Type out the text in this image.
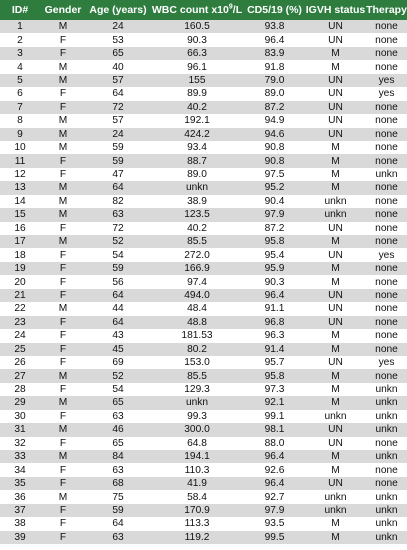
ID#	Gender	Age (years)	WBC count $x10^9/L$	CD5/19 (%)	IGVH status	Therapy
1	M	24	160.5	93.8	UN	none
2	F	53	90.3	96.4	UN	none
3	F	65	66.3	83.9	M	none
4	M	40	96.1	91.8	M	none
5	M	57	155	79.0	UN	yes
6	F	64	89.9	89.0	UN	yes
7	F	72	40.2	87.2	UN	none
8	M	57	192.1	94.9	UN	none
9	M	24	424.2	94.6	UN	none
10	M	59	93.4	90.8	M	none
11	F	59	88.7	90.8	M	none
12	F	47	89.0	97.5	M	unkn
13	M	64	unkn	95.2	M	none
14	M	82	38.9	90.4	unkn	none
15	M	63	123.5	97.9	unkn	none
16	F	72	40.2	87.2	UN	none
17	M	52	85.5	95.8	M	none
18	F	54	272.0	95.4	UN	yes
19	F	59	166.9	95.9	M	none
20	F	56	97.4	90.3	M	none
21	F	64	494.0	96.4	UN	none
22	M	44	48.4	91.1	UN	none
23	F	64	48.8	96.8	UN	none
24	F	43	181.53	96.3	M	none
25	F	45	80.2	91.4	M	none
26	F	69	153.0	95.7	UN	yes
27	M	52	85.5	95.8	M	none
28	F	54	129.3	97.3	M	unkn
29	M	65	unkn	92.1	M	unkn
30	F	63	99.3	99.1	unkn	unkn
31	M	46	300.0	98.1	UN	unkn
32	F	65	64.8	88.0	UN	none
33	M	84	194.1	96.4	M	unkn
34	F	63	110.3	92.6	M	none
35	F	68	41.9	96.4	UN	none
36	M	75	58.4	92.7	unkn	unkn
37	F	59	170.9	97.9	unkn	unkn
38	F	64	113.3	93.5	M	unkn
39	F	63	119.2	99.5	M	unkn
